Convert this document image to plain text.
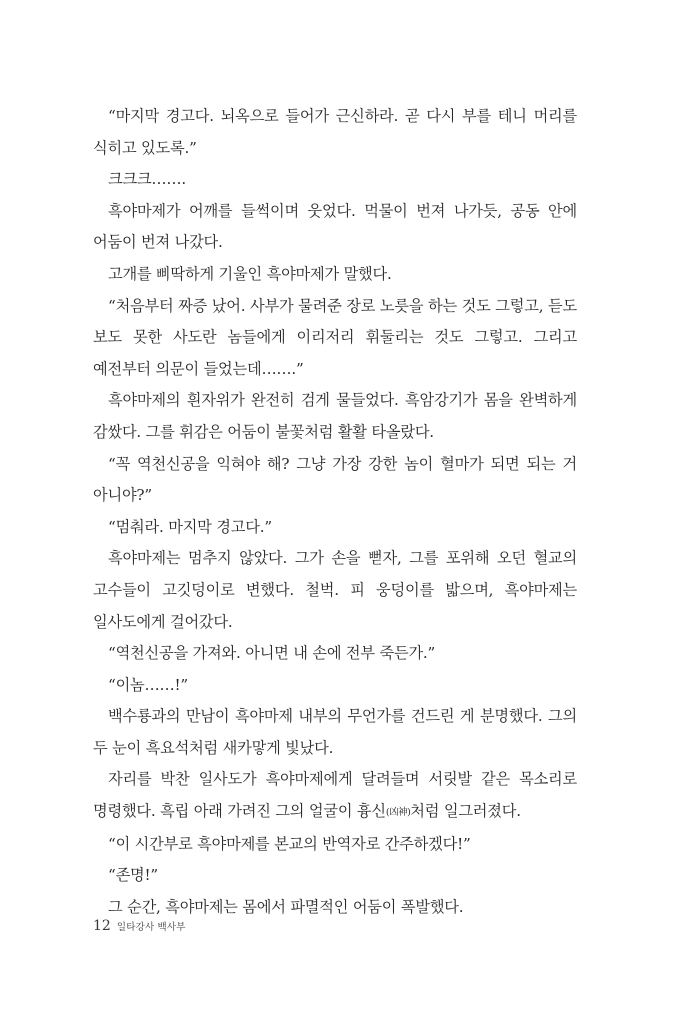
“마지막 경고다. 뇌옥으로 들어가 근신하라. 곧 다시 부를 테니 머리를 식히고 있도록.”

크크크…….

흑야마제가 어깨를 들썩이며 웃었다. 먹물이 번져 나가듯, 공동 안에 어둠이 번져 나갔다.

고개를 삐딱하게 기울인 흑야마제가 말했다.

“처음부터 짜증 났어. 사부가 물려준 장로 노릇을 하는 것도 그렇고, 듣도 보도 못한 사도란 놈들에게 이리저리 휘둘리는 것도 그렇고. 그리고 예전부터 의문이 들었는데…….”

흑야마제의 흰자위가 완전히 검게 물들었다. 흑암강기가 몸을 완벽하게 감쌌다. 그를 휘감은 어둠이 불꽃처럼 활활 타올랐다.

“꼭 역천신공을 익혀야 해? 그냥 가장 강한 놈이 혈마가 되면 되는 거 아니야?”

“멈춰라. 마지막 경고다.”

흑야마제는 멈추지 않았다. 그가 손을 뻗자, 그를 포위해 오던 혈교의 고수들이 고깃덩이로 변했다. 철벅. 피 웅덩이를 밟으며, 흑야마제는 일사도에게 걸어갔다.

“역천신공을 가져와. 아니면 내 손에 전부 죽든가.”

“이놈……!”

백수룡과의 만남이 흑야마제 내부의 무언가를 건드린 게 분명했다. 그의 두 눈이 흑요석처럼 새카맣게 빛났다.

자리를 박찬 일사도가 흑야마제에게 달려들며 서릿발 같은 목소리로 명령했다. 흑립 아래 가려진 그의 얼굴이 흉신(凶神)처럼 일그러졌다.

“이 시간부로 흑야마제를 본교의 반역자로 간주하겠다!”

“존명!”

그 순간, 흑야마제는 몸에서 파멸적인 어둠이 폭발했다.

12 일타강사 백사부
